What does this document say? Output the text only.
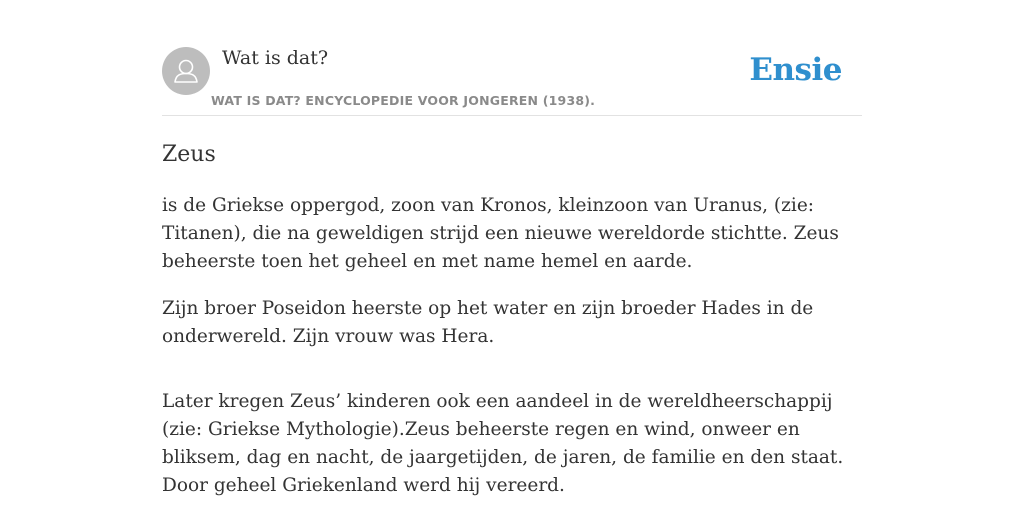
Wat is dat?
WAT IS DAT? ENCYCLOPEDIE VOOR JONGEREN (1938).
Ensie
Zeus

is de Griekse oppergod, zoon van Kronos, kleinzoon van Uranus, (zie: Titanen), die na geweldigen strijd een nieuwe wereldorde stichtte. Zeus beheerste toen het geheel en met name hemel en aarde.

Zijn broer Poseidon heerste op het water en zijn broeder Hades in de onderwereld. Zijn vrouw was Hera.

Later kregen Zeus’ kinderen ook een aandeel in de wereldheerschappij (zie: Griekse Mythologie).Zeus beheerste regen en wind, onweer en bliksem, dag en nacht, de jaargetijden, de jaren, de familie en den staat. Door geheel Griekenland werd hij vereerd.
